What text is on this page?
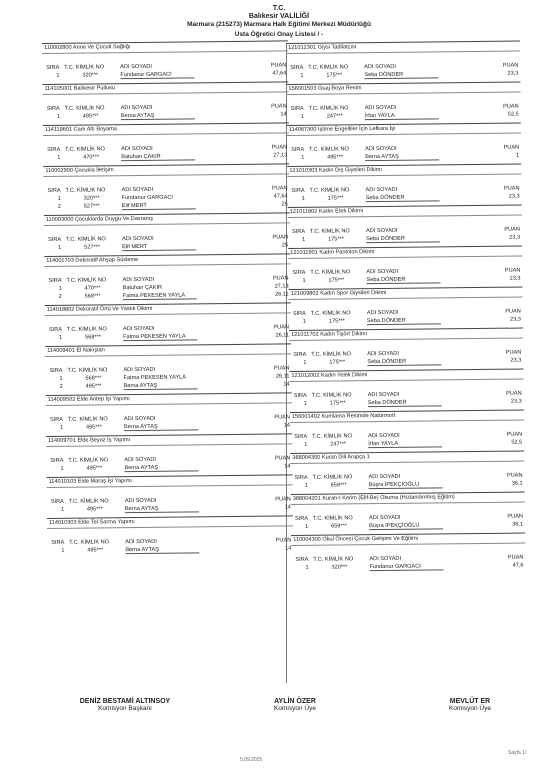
T.C.
Balıkesir VALİLİĞİ
Marmara (215273) Marmara Halk Eğitimi Merkezi Müdürlüğü
Usta Öğretici Onay Listesi / -
110002800 Anne Ve Çocuk Sağlığı
SIRA T.C. KİMLİK NO	ADI SOYADI	PUAN
1	320***	Fundanur GARGACI	47,64
114105001 Balıkesir Pullusu
SIRA T.C. KİMLİK NO	ADI SOYADI	PUAN
1	495***	Berna AYTAŞ	14
114119601 Cam Altı Boyama
SIRA T.C. KİMLİK NO	ADI SOYADI	PUAN
1	470***	Batuhan ÇAKIR	27,13
110002900 Çocukla İletişim
SIRA T.C. KİMLİK NO	ADI SOYADI	PUAN
1	320***	Fundanur GARGACI	47,64
2	527***	Elif MERT	25
110003000 Çocuklarda Duygu Ve Davranış
SIRA T.C. KİMLİK NO	ADI SOYADI	PUAN
1	527***	Elif MERT	25
114001703 Dekoratif Ahşap Süsleme
SIRA T.C. KİMLİK NO	ADI SOYADI	PUAN
1	470***	Batuhan ÇAKIR	27,13
2	568***	Fatma PEKESEN YAYLA	26,11
114018802 Dekoratif Örtü Ve Yastık Dikimi
SIRA T.C. KİMLİK NO	ADI SOYADI	PUAN
1	568***	Fatma PEKESEN YAYLA	26,11
114009401 El Nakışları
SIRA T.C. KİMLİK NO	ADI SOYADI	PUAN
1	568***	Fatma PEKESEN YAYLA	26,11
2	495***	Berna AYTAŞ	14
114009502 Elde Antep İşi Yapımı
SIRA T.C. KİMLİK NO	ADI SOYADI	PUAN
1	495***	Berna AYTAŞ	14
114009701 Elde Beyaz İş Yapımı
SIRA T.C. KİMLİK NO	ADI SOYADI	PUAN
1	495***	Berna AYTAŞ	14
114010103 Elde Maraş İşi Yapımı
SIRA T.C. KİMLİK NO	ADI SOYADI	PUAN
1	495***	Berna AYTAŞ	14
114010303 Elde Tel Sarma Yapımı
SIRA T.C. KİMLİK NO	ADI SOYADI	PUAN
1	495***	Berna AYTAŞ	14
121012301 Giysi Tadilatçısı
SIRA T.C. KİMLİK NO	ADI SOYADI	PUAN
1	175***	Seba DÖNDER	23,3
156001503 Guaj Boya Resim
SIRA T.C. KİMLİK NO	ADI SOYADI	PUAN
1	247***	İrfan YAYLA	52,5
114067300 İşitme Engelliler İçin Lefkara İşi
SIRA T.C. KİMLİK NO	ADI SOYADI	PUAN
1	495***	Berna AYTAŞ	1
121010303 Kadın Dış Giysileri Dikimi
SIRA T.C. KİMLİK NO	ADI SOYADI	PUAN
1	175***	Seba DÖNDER	23,3
121011802 Kadın Etek Dikimi
SIRA T.C. KİMLİK NO	ADI SOYADI	PUAN
1	175***	Seba DÖNDER	23,3
121011901 Kadın Pantolon Dikimi
SIRA T.C. KİMLİK NO	ADI SOYADI	PUAN
1	175***	Seba DÖNDER	23,3
121009802 Kadın Spor Giysileri Dikimi
SIRA T.C. KİMLİK NO	ADI SOYADI	PUAN
1	175***	Seba DÖNDER	23,3
121011702 Kadın Tişört Dikimi
SIRA T.C. KİMLİK NO	ADI SOYADI	PUAN
1	175***	Seba DÖNDER	23,3
121012002 Kadın Yelek Dikimi
SIRA T.C. KİMLİK NO	ADI SOYADI	PUAN
1	175***	Seba DÖNDER	23,3
156001402 Kumlama Resimde Natürmort
SIRA T.C. KİMLİK NO	ADI SOYADI	PUAN
1	247***	İrfan YAYLA	52,5
388004300 Kuran Dili Arapça 1
SIRA T.C. KİMLİK NO	ADI SOYADI	PUAN
1	659***	Büşra İPEKÇİOĞLU	36,1
388004201 Kuran-I Kerim (Elif-Be) Okuma (Hızlandırılmış Eğitim)
SIRA T.C. KİMLİK NO	ADI SOYADI	PUAN
1	659***	Büşra İPEKÇİOĞLU	36,1
110004300 Okul Öncesi Çocuk Gelişimi Ve Eğitimi
SIRA T.C. KİMLİK NO	ADI SOYADI	PUAN
1	320***	Fundanur GARGACI	47,6
DENİZ BESTAMİ ALTINSOY
Komisyon Başkanı
AYLİN ÖZER
Komisyon Üye
MEVLÜT ER
Komisyon Üye
5.09.2025
Sayfa 1/
